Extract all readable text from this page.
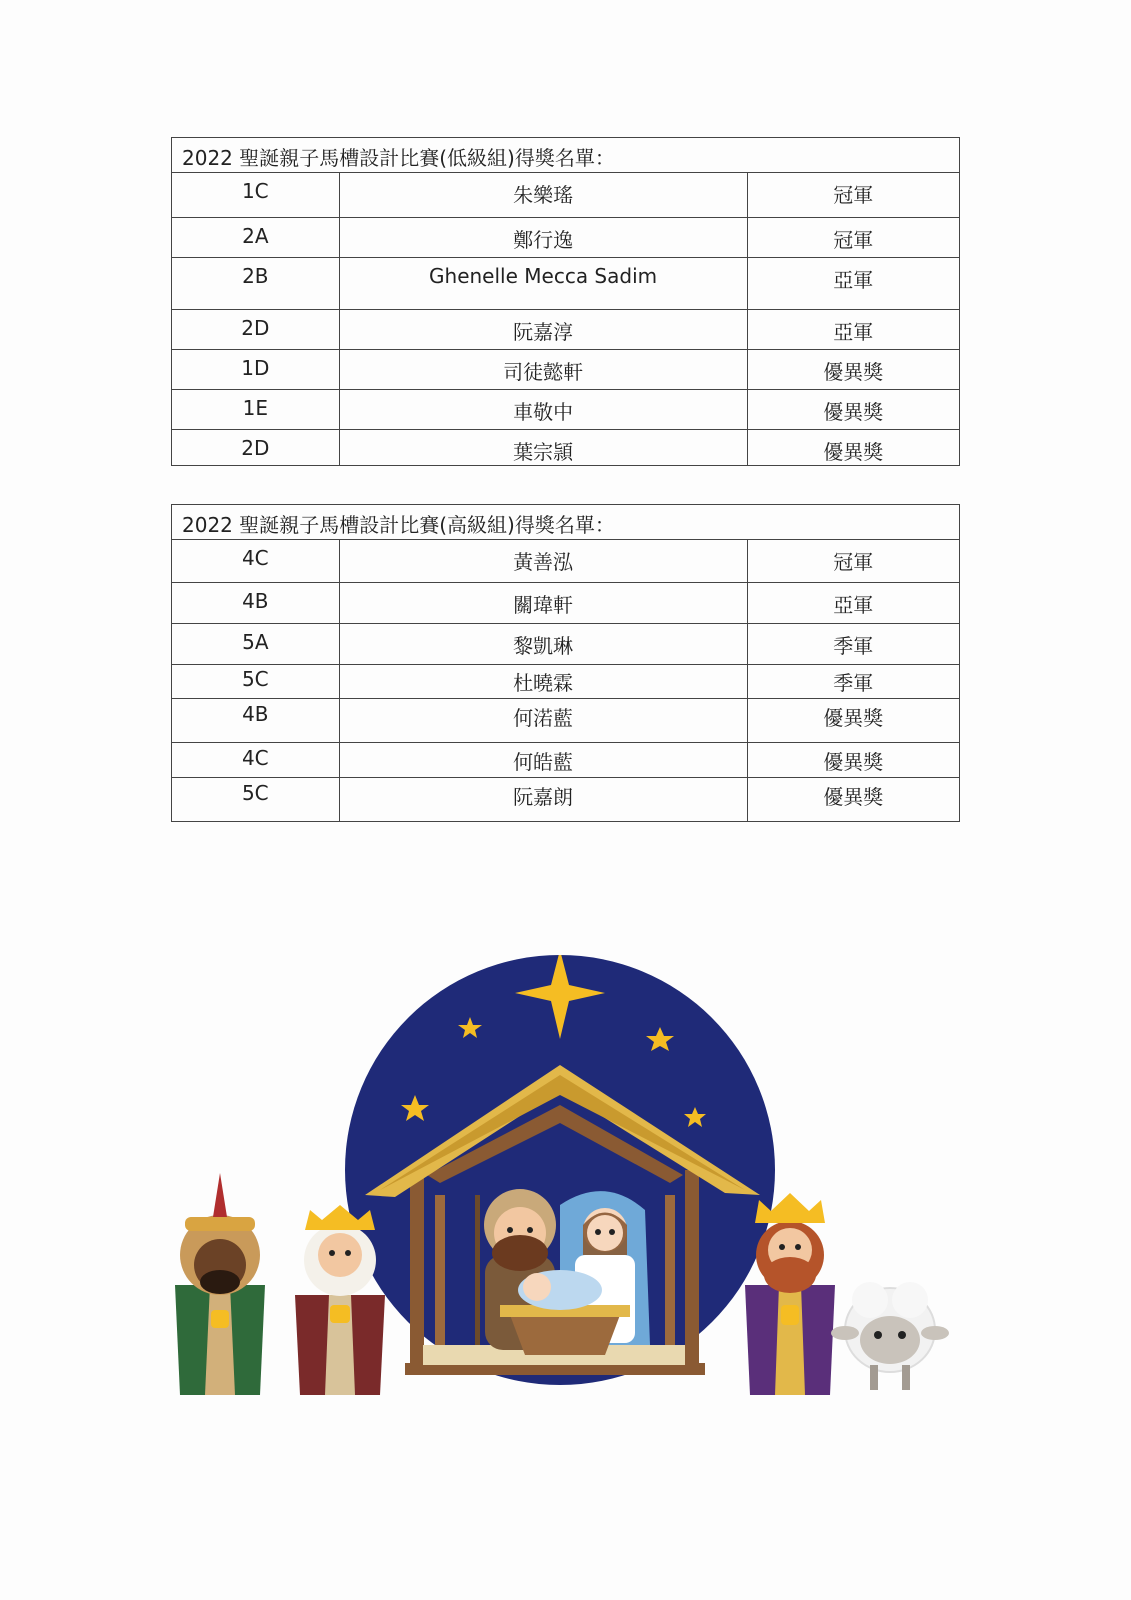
2022 聖誕親子馬槽設計比賽(低級組)得獎名單：		
1C	朱樂瑤	冠軍
2A	鄭行逸	冠軍
2B	Ghenelle Mecca Sadim	亞軍
2D	阮嘉淳	亞軍
1D	司徒懿軒	優異獎
1E	車敬中	優異獎
2D	葉宗頴	優異獎
2022 聖誕親子馬槽設計比賽(高級組)得獎名單：		
4C	黃善泓	冠軍
4B	關瑋軒	亞軍
5A	黎凱琳	季軍
5C	杜曉霖	季軍
4B	何渃藍	優異獎
4C	何皓藍	優異獎
5C	阮嘉朗	優異獎
